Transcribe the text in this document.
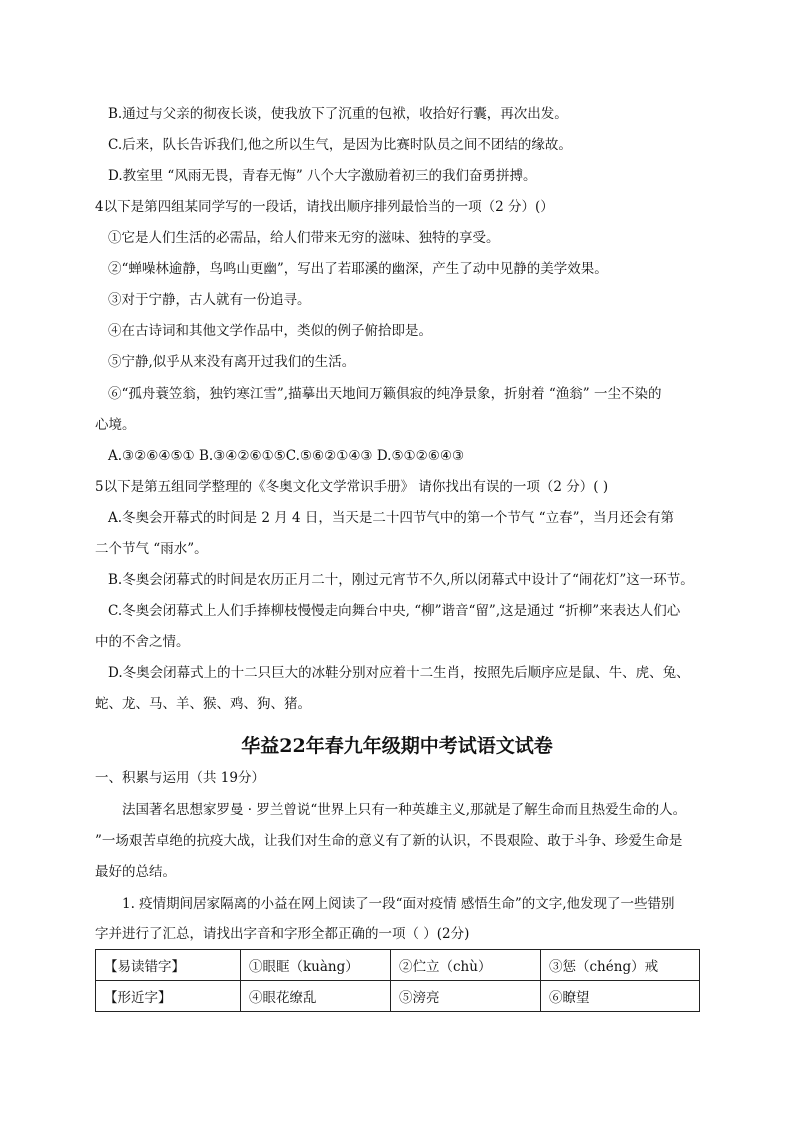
B.通过与父亲的彻夜长谈，使我放下了沉重的包袱，收拾好行囊，再次出发。
C.后来，队长告诉我们,他之所以生气，是因为比赛时队员之间不团结的缘故。
D.教室里 “风雨无畏，青春无悔” 八个大字激励着初三的我们奋勇拼搏。
4以下是第四组某同学写的一段话，请找出顺序排列最恰当的一项（2 分）(）
①它是人们生活的必需品，给人们带来无穷的滋味、独特的享受。
②“蝉噪林逾静，鸟鸣山更幽”，写出了若耶溪的幽深，产生了动中见静的美学效果。
③对于宁静，古人就有一份追寻。
④在古诗词和其他文学作品中，类似的例子俯拾即是。
⑤宁静,似乎从来没有离开过我们的生活。
⑥“孤舟蓑笠翁，独钓寒江雪”,描摹出天地间万籁俱寂的纯净景象，折射着 “渔翁” 一尘不染的
心境。
A.③②⑥④⑤① B.③④②⑥①⑤C.⑤⑥②①④③ D.⑤①②⑥④③
5以下是第五组同学整理的《冬奥文化文学常识手册》 请你找出有误的一项（2 分）( )
A.冬奥会开幕式的时间是 2 月 4 日，当天是二十四节气中的第一个节气 “立春”，当月还会有第
二个节气 “雨水”。
B.冬奥会闭幕式的时间是农历正月二十，刚过元宵节不久,所以闭幕式中设计了“闹花灯”这一环节。
C.冬奥会闭幕式上人们手捧柳枝慢慢走向舞台中央, “柳”谐音“留”,这是通过 “折柳”来表达人们心
中的不舍之情。
D.冬奥会闭幕式上的十二只巨大的冰鞋分别对应着十二生肖，按照先后顺序应是鼠、牛、虎、兔、
蛇、龙、马、羊、猴、鸡、狗、猪。
华益22年春九年级期中考试语文试卷
一、积累与运用（共 19分）
法国著名思想家罗曼 · 罗兰曾说“世界上只有一种英雄主义,那就是了解生命而且热爱生命的人。
”一场艰苦卓绝的抗疫大战，让我们对生命的意义有了新的认识，不畏艰险、敢于斗争、珍爱生命是
最好的总结。
1. 疫情期间居家隔离的小益在网上阅读了一段“面对疫情 感悟生命”的文字,他发现了一些错别
字并进行了汇总，请找出字音和字形全都正确的一项（ ）(2分)
【易读错字】	①眼眶（kuàng）	②伫立（chù）	③惩（chéng）戒
【形近字】	④眼花缭乱	⑤滂亮	⑥瞭望
